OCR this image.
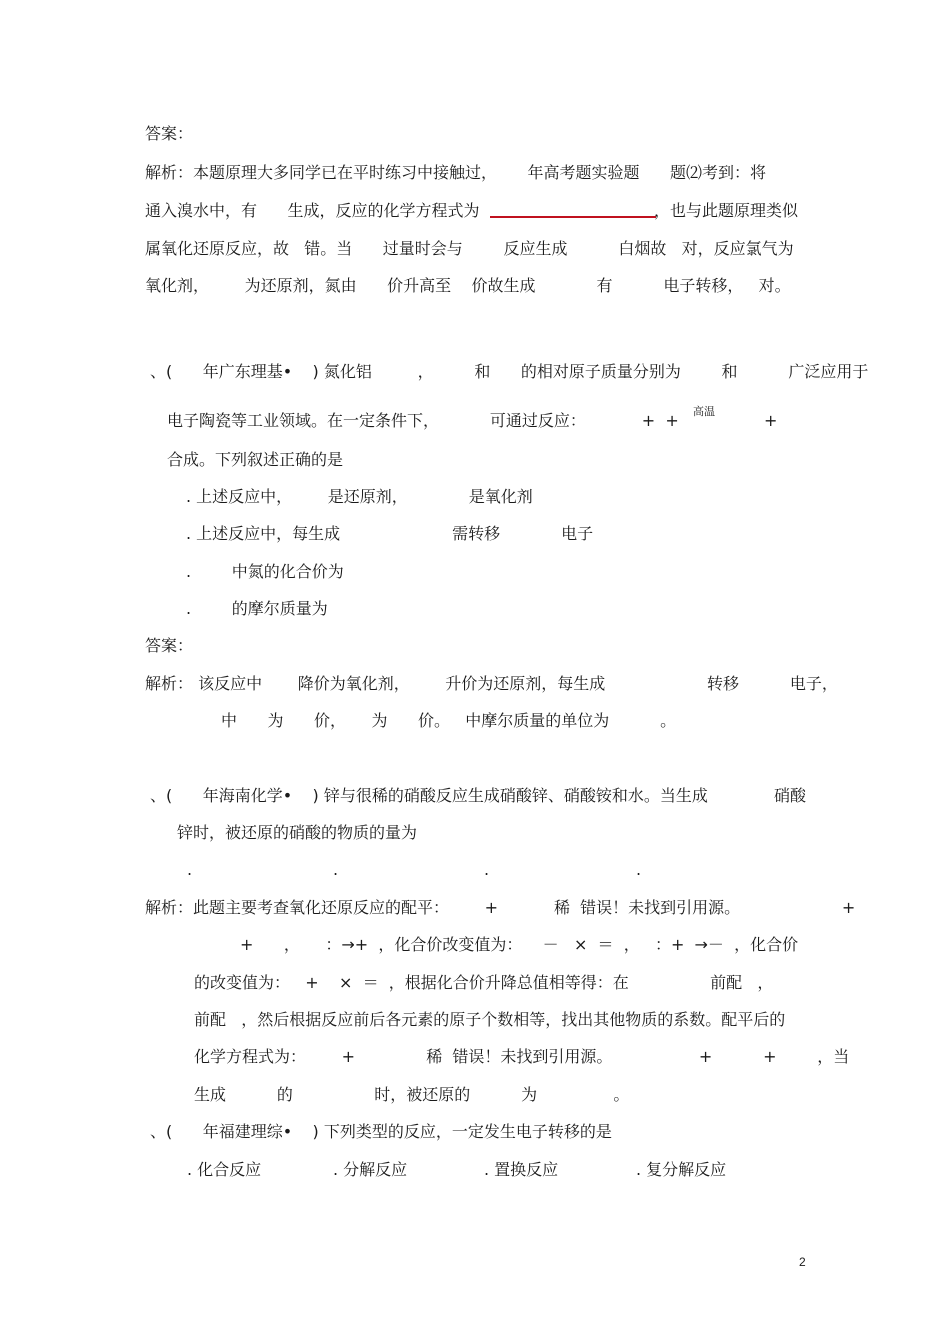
答案：
解析：本题原理大多同学已在平时练习中接触过，      年高考题实验题      题⑵考到：将
通入溴水中，有      生成，反应的化学方程式为	，也与此题原理类似
属氧化还原反应，故   错。当      过量时会与        反应生成          白烟故   对，反应氯气为
氧化剂，       为还原剂，氮由      价升高至    价故生成            有          电子转移，   对。
、(      年广东理基•    ) 氮化铝         ，        和      的相对原子质量分别为        和          广泛应用于
电子陶瓷等工业领域。在一定条件下，          可通过反应：           +  + 高温	+
合成。下列叙述正确的是
. 上述反应中，       是还原剂，            是氧化剂
. 上述反应中，每生成                      需转移            电子
.        中氮的化合价为
.        的摩尔质量为
答案：
解析： 该反应中       降价为氧化剂，       升价为还原剂，每生成                    转移          电子，
中      为      价，     为      价。   中摩尔质量的单位为          。
、(      年海南化学•    ) 锌与很稀的硝酸反应生成硝酸锌、硝酸铵和水。当生成             硝酸
锌时，被还原的硝酸的物质的量为
.	.	.	.
解析：此题主要考查氧化还原反应的配平：       +           稀  错误！未找到引用源。                    +
+      ，     ：→+  ，化合价改变值为：    －   ×  ＝  ，   ：+  →－  ，化合价
的改变值为：   +    ×  ＝  ，根据化合价升降总值相等得：在                前配   ，
前配   ，然后根据反应前后各元素的原子个数相等，找出其他物质的系数。配平后的
化学方程式为：       +              稀  错误！未找到引用源。                 +          +        ，当
生成          的                时，被还原的          为               。
、(      年福建理综•    ) 下列类型的反应，一定发生电子转移的是
. 化合反应	. 分解反应	. 置换反应	. 复分解反应
2
